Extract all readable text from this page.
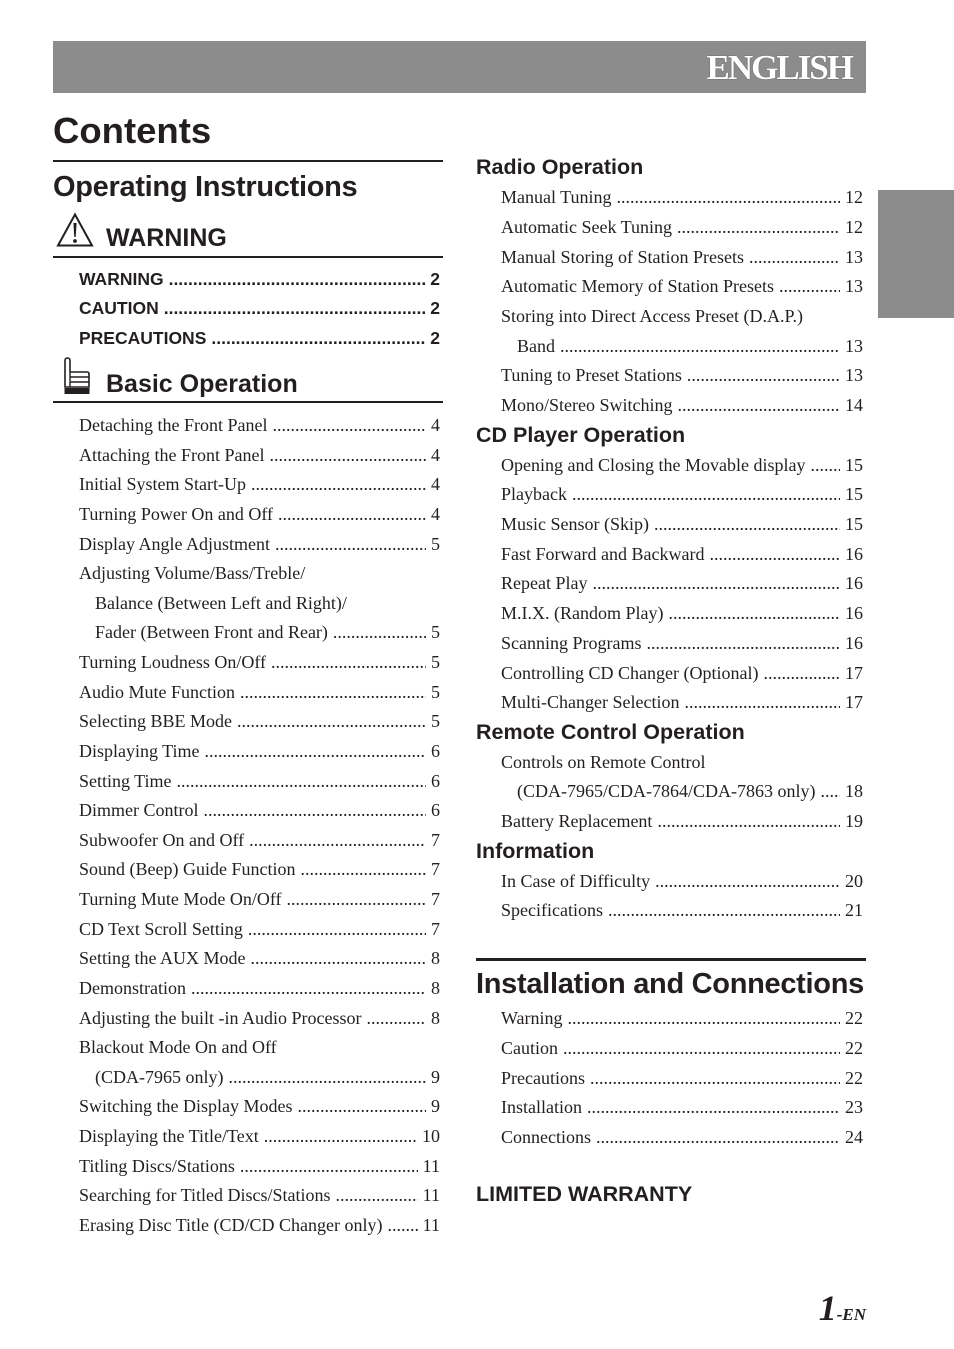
ENGLISH
Contents
Operating Instructions
WARNING
WARNING .....	2
CAUTION .....	2
PRECAUTIONS .....	2
Basic Operation
Detaching the Front Panel .....	4
Attaching the Front Panel .....	4
Initial System Start-Up .....	4
Turning Power On and Off .....	4
Display Angle Adjustment .....	5
Adjusting Volume/Bass/Treble/
Balance (Between Left and Right)/
Fader (Between Front and Rear) .....	5
Turning Loudness On/Off .....	5
Audio Mute Function .....	5
Selecting BBE Mode .....	5
Displaying Time .....	6
Setting Time .....	6
Dimmer Control .....	6
Subwoofer On and Off .....	7
Sound (Beep) Guide Function .....	7
Turning Mute Mode On/Off .....	7
CD Text Scroll Setting .....	7
Setting the AUX Mode .....	8
Demonstration .....	8
Adjusting the built -in Audio Processor .....	8
Blackout Mode On and Off
(CDA-7965 only) .....	9
Switching the Display Modes .....	9
Displaying the Title/Text .....	10
Titling Discs/Stations .....	11
Searching for Titled Discs/Stations .....	11
Erasing Disc Title (CD/CD Changer only) ..... 11
Radio Operation
Manual Tuning .....	12
Automatic Seek Tuning .....	12
Manual Storing of Station Presets .....	13
Automatic Memory of Station Presets .....	13
Storing into Direct Access Preset (D.A.P.)
Band .....	13
Tuning to Preset Stations .....	13
Mono/Stereo Switching .....	14
CD Player Operation
Opening and Closing the Movable display ..... 15
Playback .....	15
Music Sensor (Skip) .....	15
Fast Forward and Backward .....	16
Repeat Play .....	16
M.I.X. (Random Play) .....	16
Scanning Programs .....	16
Controlling CD Changer (Optional) .....	17
Multi-Changer Selection .....	17
Remote Control Operation
Controls on Remote Control
(CDA-7965/CDA-7864/CDA-7863 only) ..... 18
Battery Replacement .....	19
Information
In Case of Difficulty .....	20
Specifications .....	21
Installation and Connections
Warning .....	22
Caution .....	22
Precautions .....	22
Installation .....	23
Connections .....	24
LIMITED WARRANTY
1-EN
